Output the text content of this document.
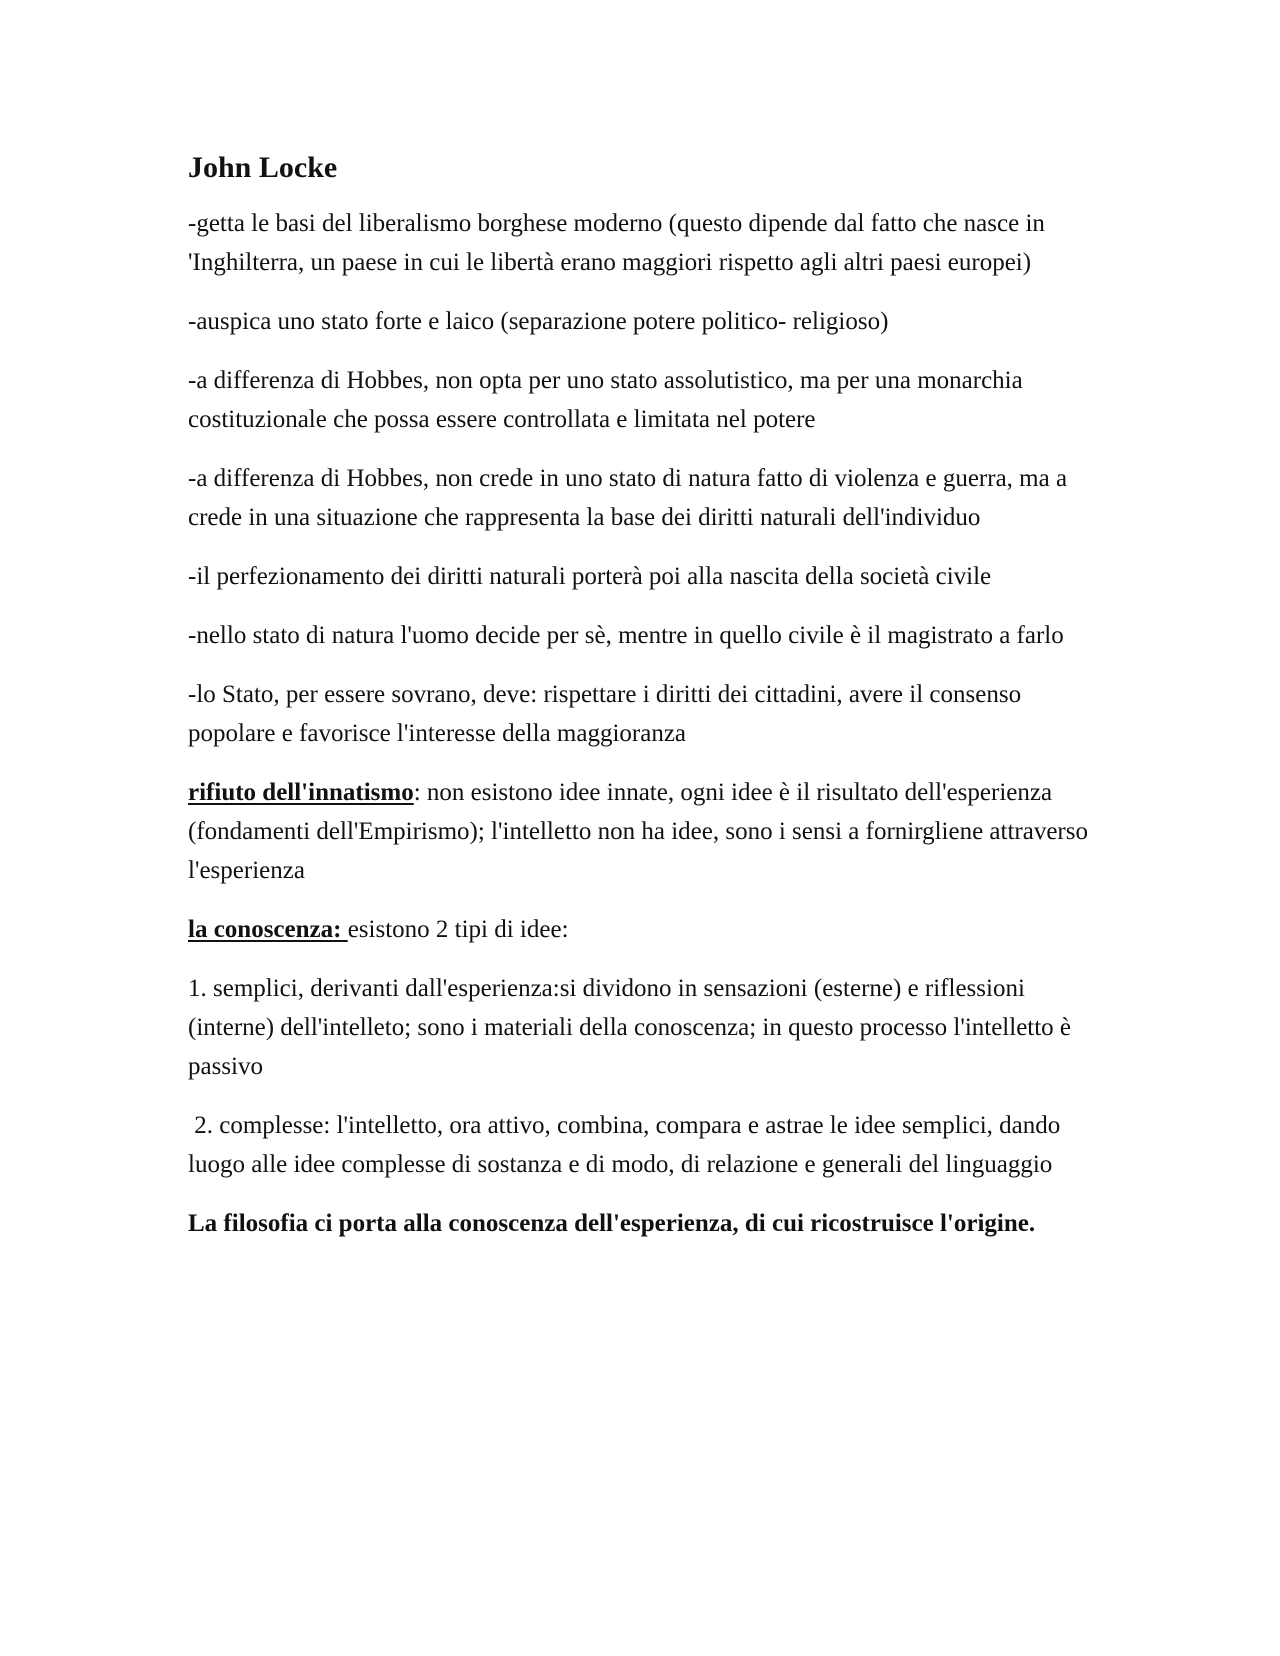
John Locke

-getta le basi del liberalismo borghese moderno (questo dipende dal fatto che nasce in 'Inghilterra, un paese in cui le libertà erano maggiori rispetto agli altri paesi europei)

-auspica uno stato forte e laico (separazione potere politico- religioso)

-a differenza di Hobbes, non opta per uno stato assolutistico, ma per una monarchia costituzionale che possa essere controllata e limitata nel potere

-a differenza di Hobbes, non crede in uno stato di natura fatto di violenza e guerra, ma a crede in una situazione che rappresenta la base dei diritti naturali dell'individuo

-il perfezionamento dei diritti naturali porterà poi alla nascita della società civile

-nello stato di natura l'uomo decide per sè, mentre in quello civile è il magistrato a farlo

-lo Stato, per essere sovrano, deve: rispettare i diritti dei cittadini, avere il consenso popolare e favorisce l'interesse della maggioranza

rifiuto dell'innatismo: non esistono idee innate, ogni idee è il risultato dell'esperienza (fondamenti dell'Empirismo); l'intelletto non ha idee, sono i sensi a fornirgliene attraverso l'esperienza

la conoscenza: esistono 2 tipi di idee:

1. semplici, derivanti dall'esperienza:si dividono in sensazioni (esterne) e riflessioni (interne) dell'intelleto; sono i materiali della conoscenza; in questo processo l'intelletto è passivo

2. complesse: l'intelletto, ora attivo, combina, compara e astrae le idee semplici, dando luogo alle idee complesse di sostanza e di modo, di relazione e generali del linguaggio

La filosofia ci porta alla conoscenza dell'esperienza, di cui ricostruisce l'origine.
